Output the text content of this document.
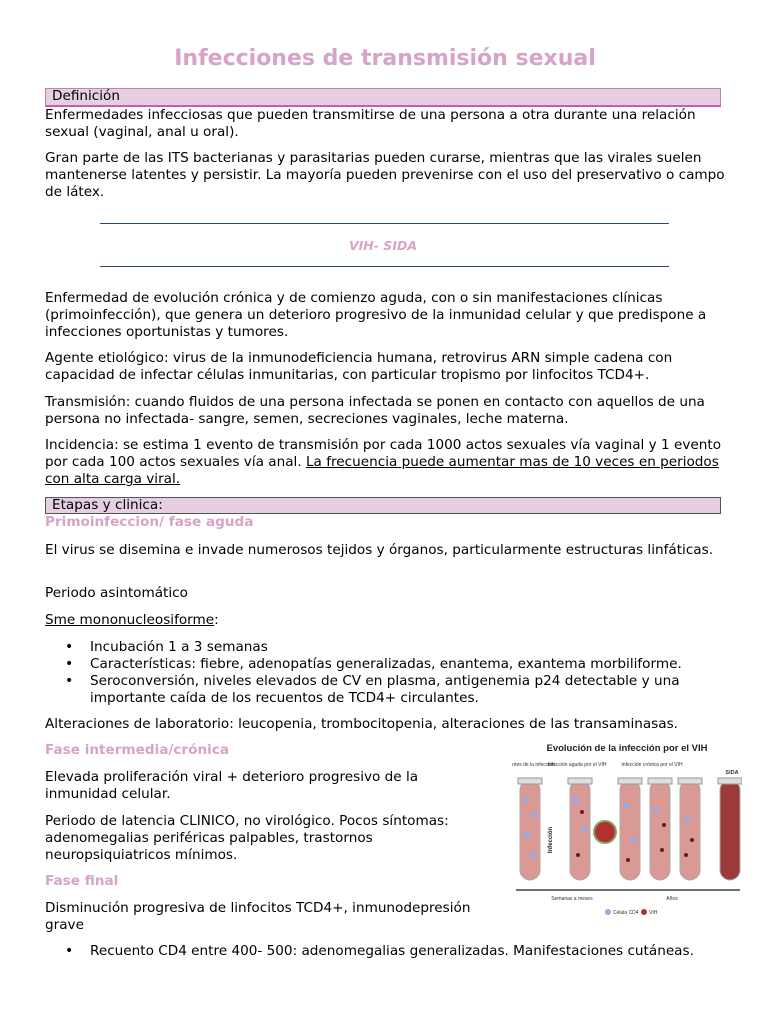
Infecciones de transmisión sexual
Definición

Enfermedades infecciosas que pueden transmitirse de una persona a otra durante una relación sexual (vaginal, anal u oral).

Gran parte de las ITS bacterianas y parasitarias pueden curarse, mientras que las virales suelen mantenerse latentes y persistir. La mayoría pueden prevenirse con el uso del preservativo o campo de látex.

VIH- SIDA

Enfermedad de evolución crónica y de comienzo aguda, con o sin manifestaciones clínicas (primoinfección), que genera un deterioro progresivo de la inmunidad celular y que predispone a infecciones oportunistas y tumores.

Agente etiológico: virus de la inmunodeficiencia humana, retrovirus ARN simple cadena con capacidad de infectar células inmunitarias, con particular tropismo por linfocitos TCD4+.

Transmisión: cuando fluidos de una persona infectada se ponen en contacto con aquellos de una persona no infectada- sangre, semen, secreciones vaginales, leche materna.

Incidencia: se estima 1 evento de transmisión por cada 1000 actos sexuales vía vaginal y 1 evento por cada 100 actos sexuales vía anal. La frecuencia puede aumentar mas de 10 veces en periodos con alta carga viral.

Etapas y clinica:
Primoinfeccion/ fase aguda

El virus se disemina e invade numerosos tejidos y órganos, particularmente estructuras linfáticas.

Periodo asintomático

Sme mononucleosiforme:

• Incubación 1 a 3 semanas
• Características: fiebre, adenopatías generalizadas, enantema, exantema morbiliforme.
• Seroconversión, niveles elevados de CV en plasma, antigenemia p24 detectable y una importante caída de los recuentos de TCD4+ circulantes.

Alteraciones de laboratorio: leucopenia, trombocitopenia, alteraciones de las transaminasas.

Fase intermedia/crónica

Elevada proliferación viral + deterioro progresivo de la inmunidad celular.

Periodo de latencia CLINICO, no virológico. Pocos síntomas: adenomegalias periféricas palpables, trastornos neuropsiquiatricos mínimos.

Fase final

Disminución progresiva de linfocitos TCD4+, inmunodepresión grave

• Recuento CD4 entre 400- 500: adenomegalias generalizadas. Manifestaciones cutáneas.
Evolución de la infección por el VIH
Antes de la infección
Infección aguda por el VIH	Infección crónica por el VIH
SIDA
Infección
Semanas a meses	Años
Célula CD4 VIH
